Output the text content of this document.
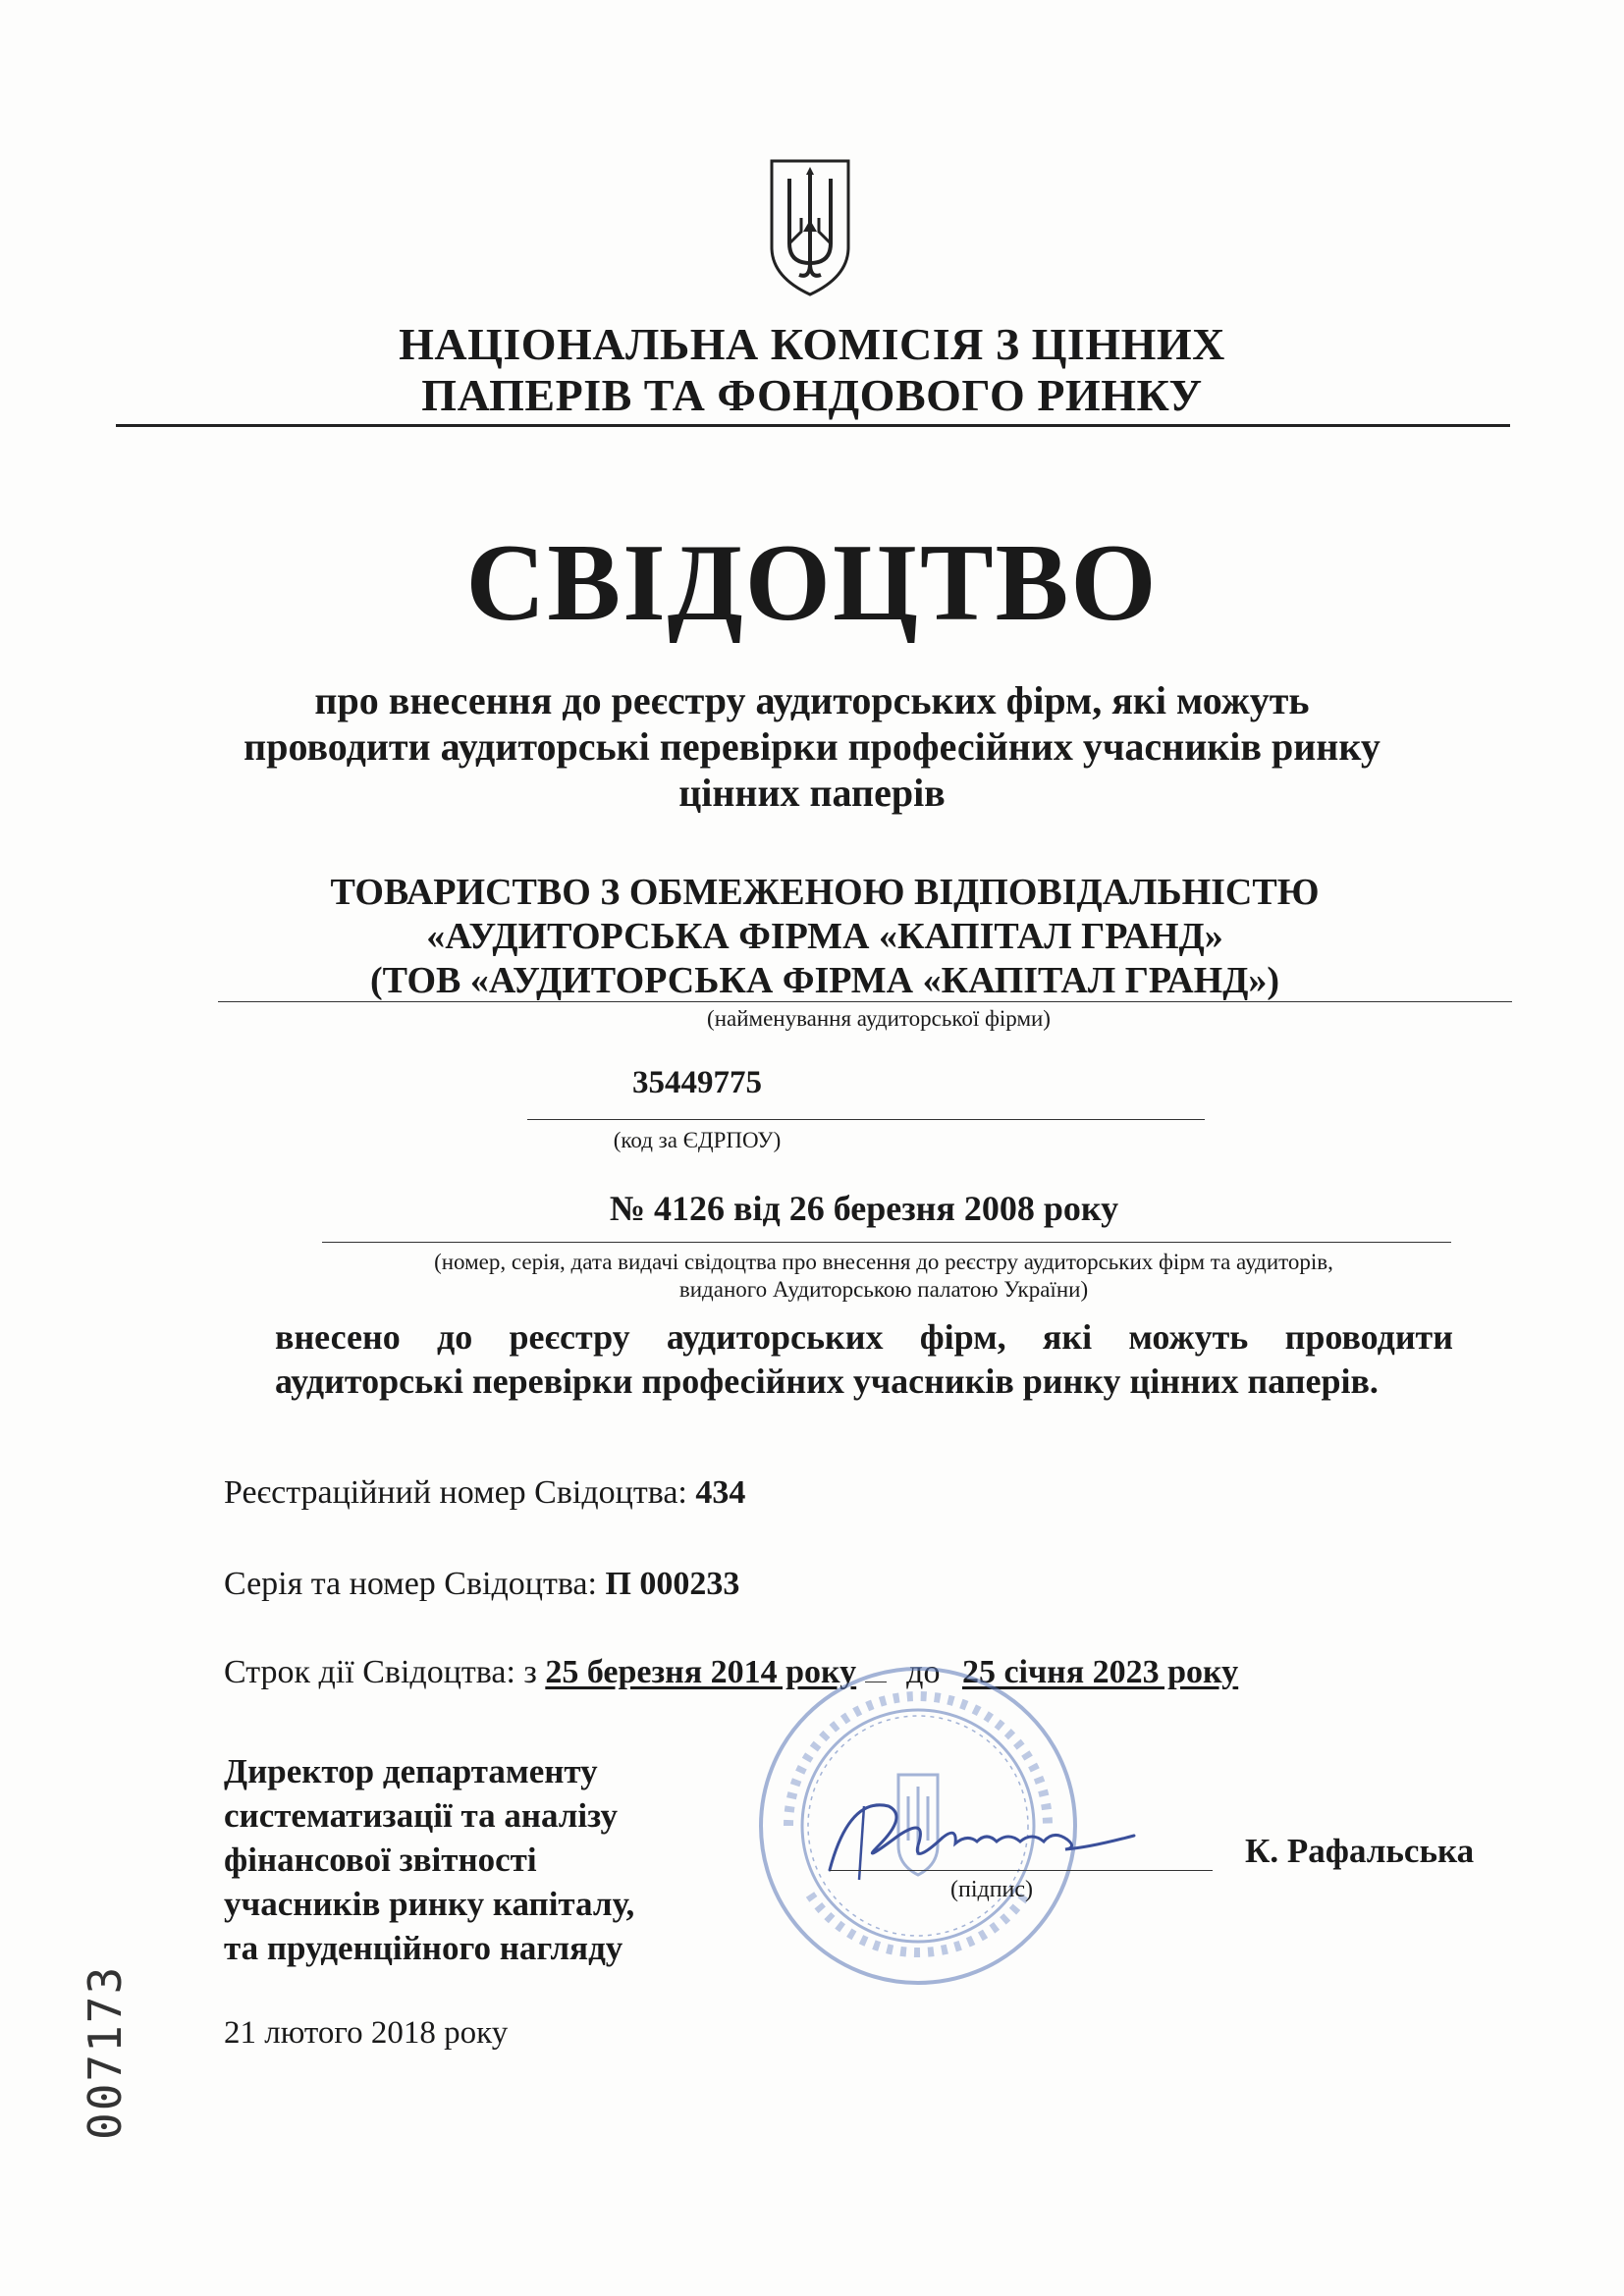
НАЦІОНАЛЬНА КОМІСІЯ З ЦІННИХ
ПАПЕРІВ ТА ФОНДОВОГО РИНКУ
СВІДОЦТВО
про внесення до реєстру аудиторських фірм, які можуть
проводити аудиторські перевірки професійних учасників ринку
цінних паперів
ТОВАРИСТВО З ОБМЕЖЕНОЮ ВІДПОВІДАЛЬНІСТЮ
«АУДИТОРСЬКА ФІРМА «КАПІТАЛ ГРАНД»
(ТОВ «АУДИТОРСЬКА ФІРМА «КАПІТАЛ ГРАНД»)
(найменування аудиторської фірми)
35449775
(код за ЄДРПОУ)
№ 4126 від 26 березня 2008 року
(номер, серія, дата видачі свідоцтва про внесення до реєстру аудиторських фірм та аудиторів,
виданого Аудиторською палатою України)
внесено до реєстру аудиторських фірм, які можуть проводити аудиторські перевірки професійних учасників ринку цінних паперів.
Реєстраційний номер Свідоцтва: 434
Серія та номер Свідоцтва: П 000233
Строк дії Свідоцтва: з 25 березня 2014 року до 25 січня 2023 року
Директор департаменту
систематизації та аналізу
фінансової звітності
учасників ринку капіталу,
та пруденційного нагляду
(підпис)
К. Рафальська
21 лютого 2018 року
007173
